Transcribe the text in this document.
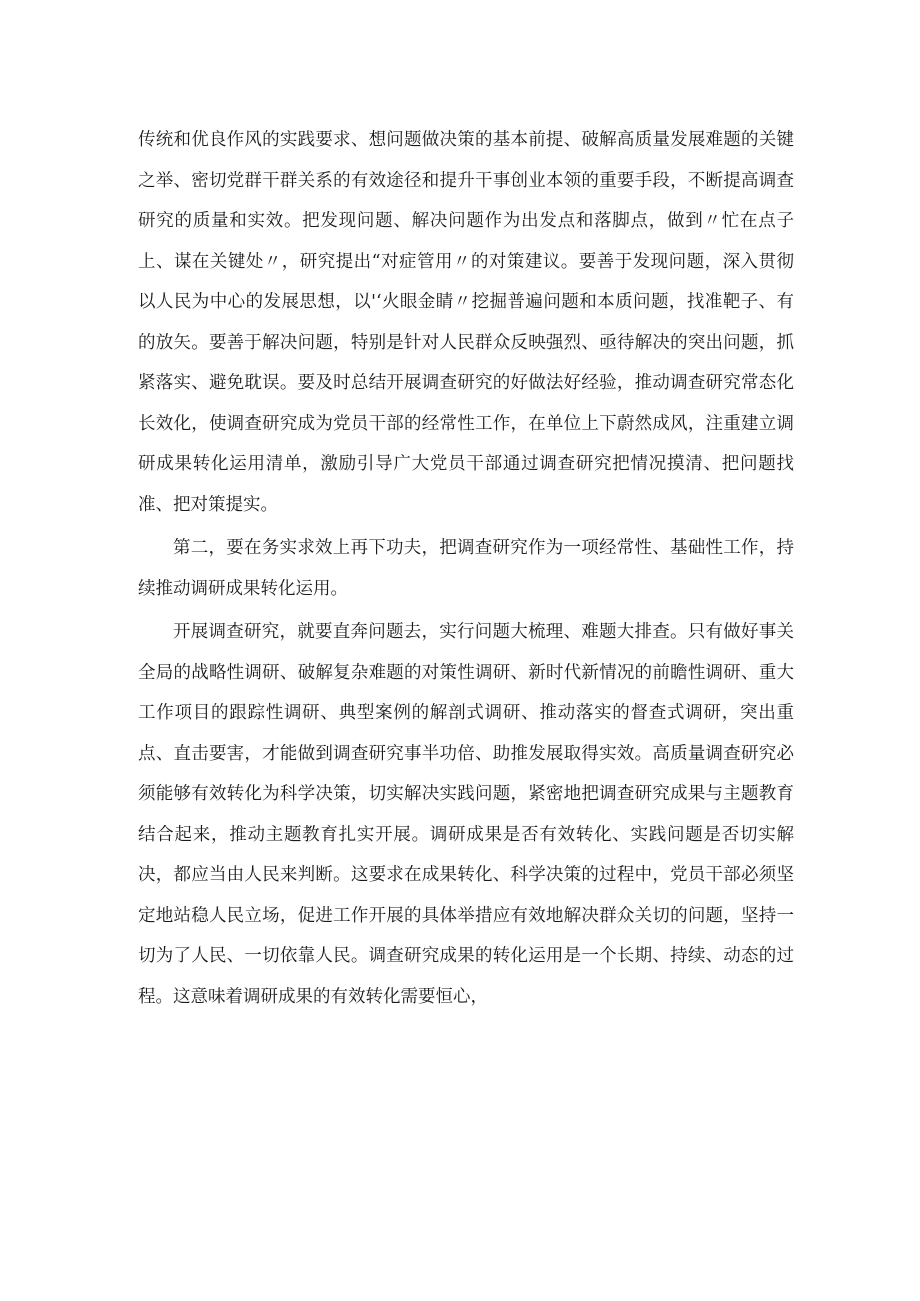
传统和优良作风的实践要求、想问题做决策的基本前提、破解高质量发展难题的关键之举、密切党群干群关系的有效途径和提升干事创业本领的重要手段，不断提高调查研究的质量和实效。把发现问题、解决问题作为出发点和落脚点，做到〃忙在点子上、谋在关键处〃，研究提出“对症管用〃的对策建议。要善于发现问题，深入贯彻以人民为中心的发展思想，以'‘火眼金睛〃挖掘普遍问题和本质问题，找准靶子、有的放矢。要善于解决问题，特别是针对人民群众反映强烈、亟待解决的突出问题，抓紧落实、避免耽误。要及时总结开展调查研究的好做法好经验，推动调查研究常态化长效化，使调查研究成为党员干部的经常性工作，在单位上下蔚然成风，注重建立调研成果转化运用清单，激励引导广大党员干部通过调查研究把情况摸清、把问题找准、把对策提实。

第二，要在务实求效上再下功夫，把调查研究作为一项经常性、基础性工作，持续推动调研成果转化运用。

开展调查研究，就要直奔问题去，实行问题大梳理、难题大排查。只有做好事关全局的战略性调研、破解复杂难题的对策性调研、新时代新情况的前瞻性调研、重大工作项目的跟踪性调研、典型案例的解剖式调研、推动落实的督查式调研，突出重点、直击要害，才能做到调查研究事半功倍、助推发展取得实效。高质量调查研究必须能够有效转化为科学决策，切实解决实践问题，紧密地把调查研究成果与主题教育结合起来，推动主题教育扎实开展。调研成果是否有效转化、实践问题是否切实解决，都应当由人民来判断。这要求在成果转化、科学决策的过程中，党员干部必须坚定地站稳人民立场，促进工作开展的具体举措应有效地解决群众关切的问题，坚持一切为了人民、一切依靠人民。调查研究成果的转化运用是一个长期、持续、动态的过程。这意味着调研成果的有效转化需要恒心，
